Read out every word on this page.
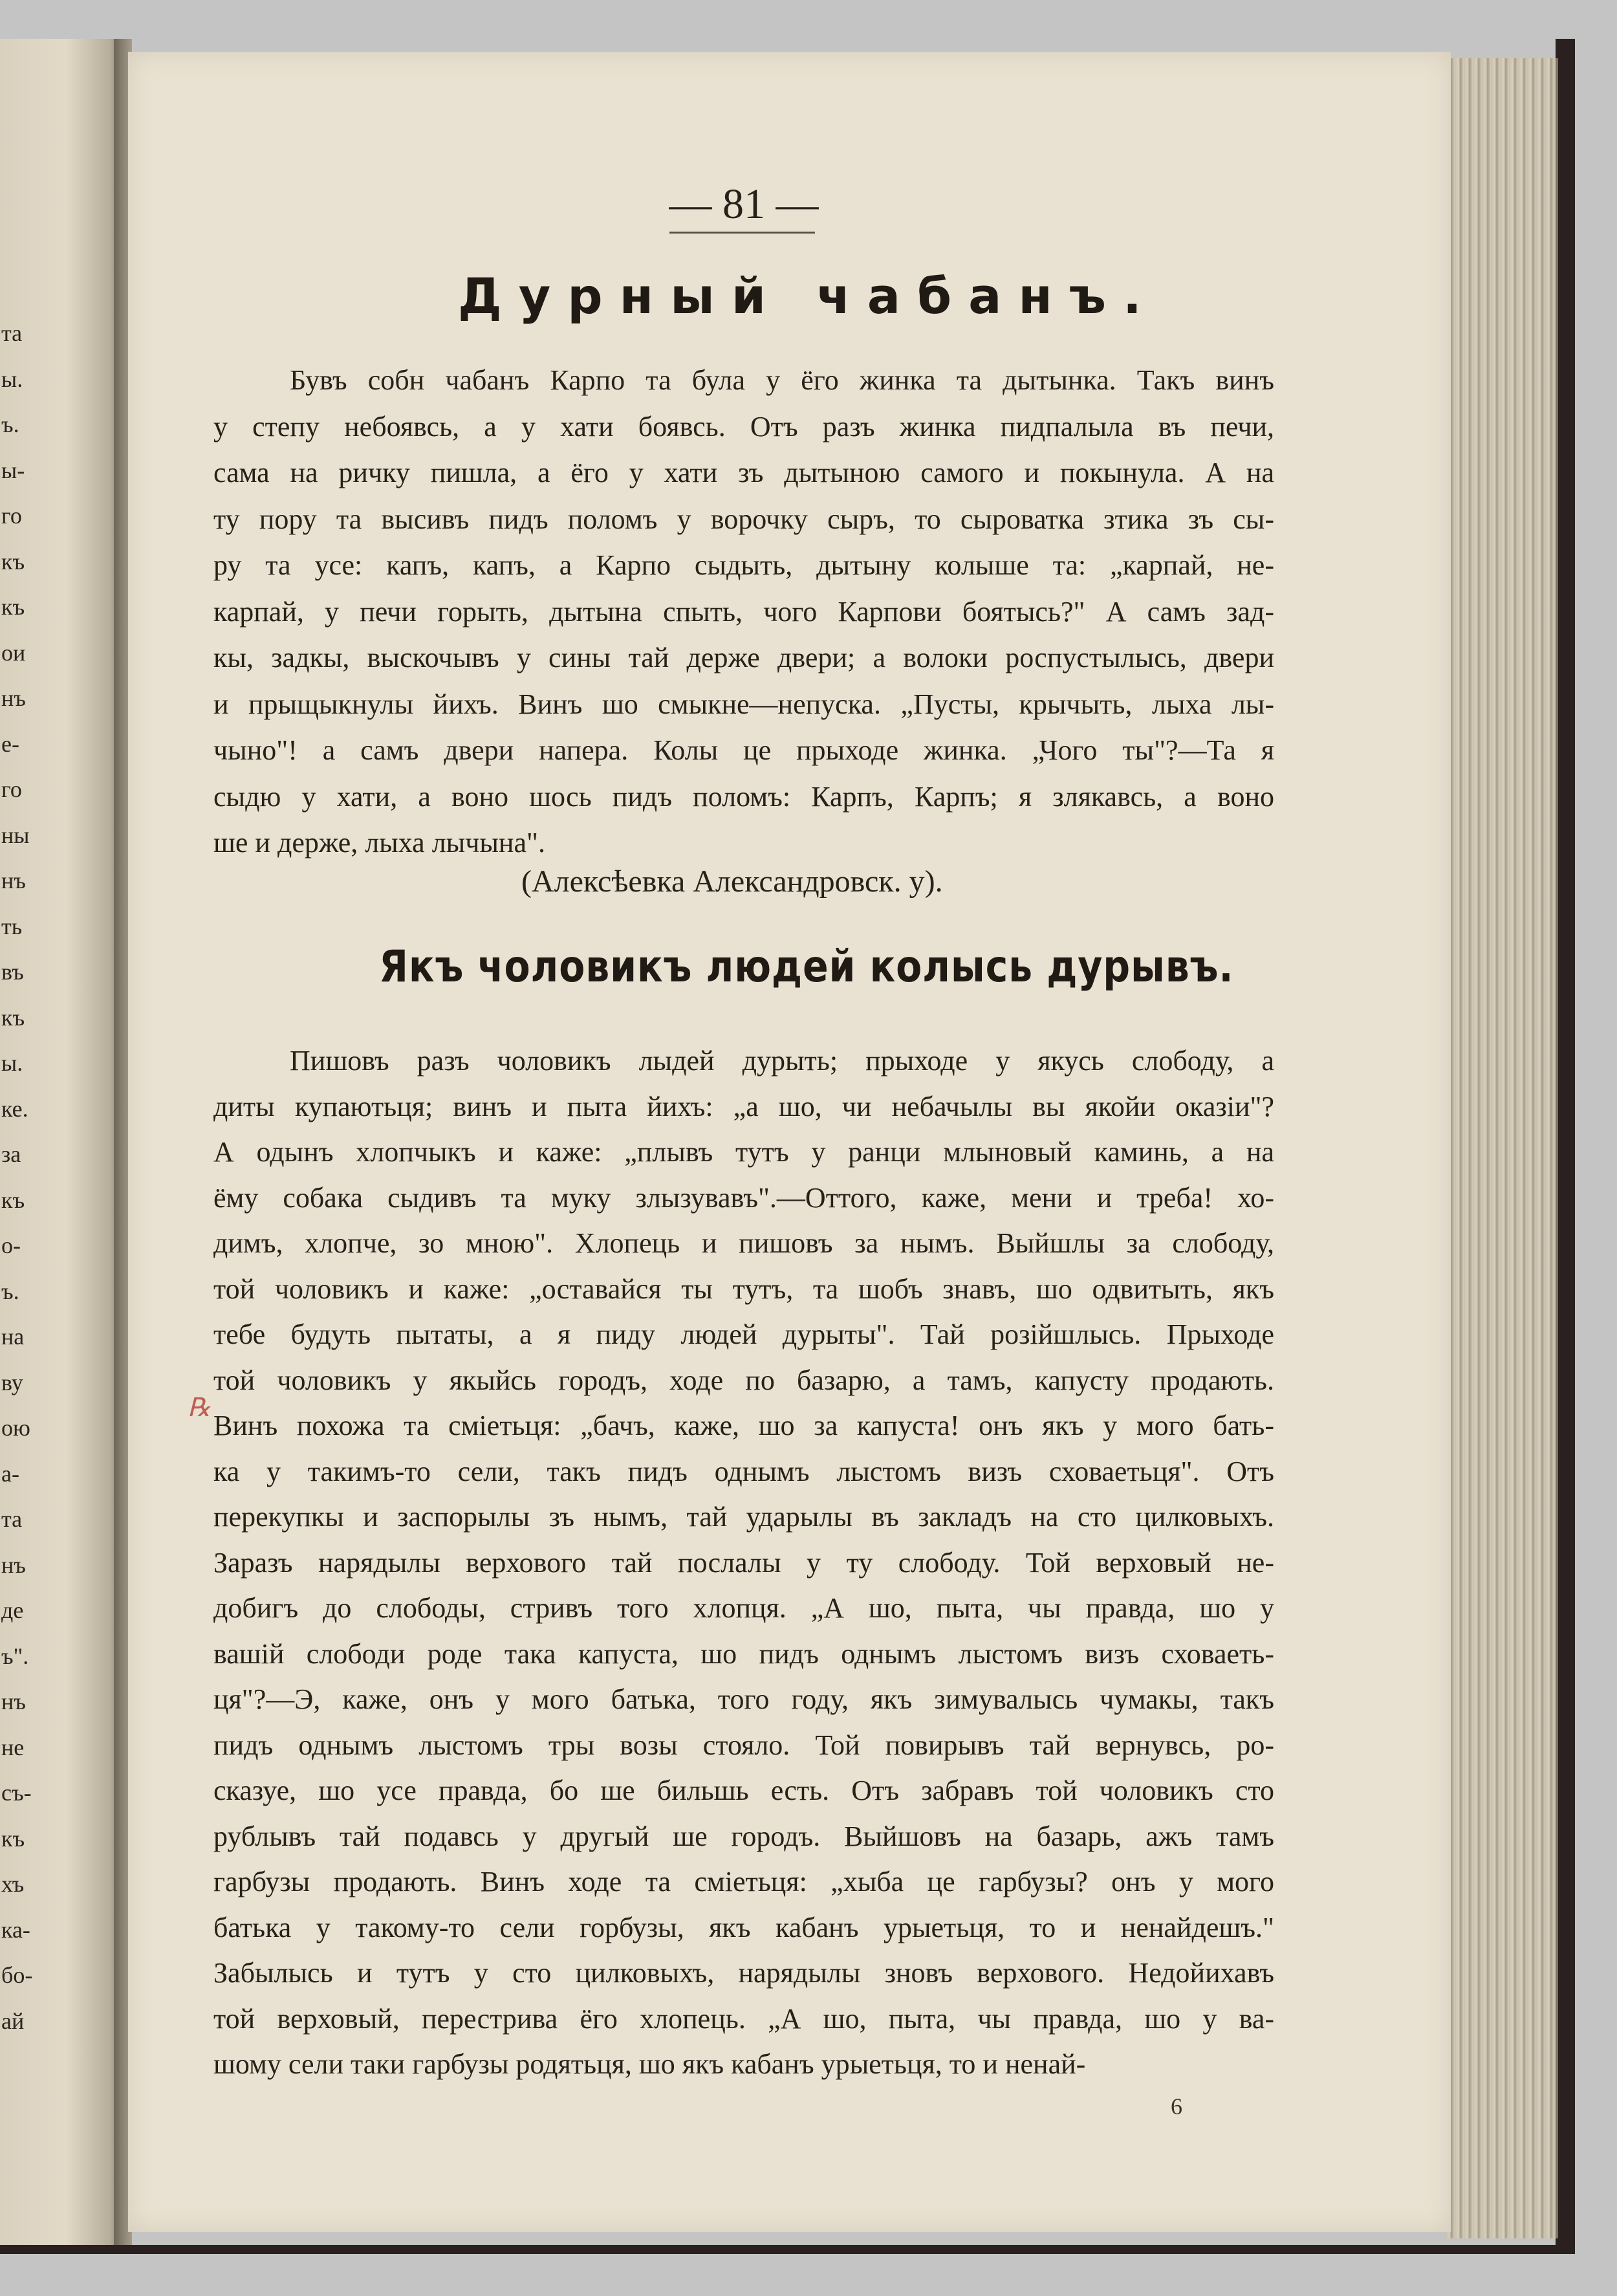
та
ы.
ъ.
ы-
го
къ
къ
ои
нъ
е-
го
ны
нъ
ть
въ
къ
ы.
ке.
за
къ
о-
ъ.
на
ву
ою
а-
та
нъ
де
ъ".
нъ
не
съ-
къ
хъ
ка-
бо-
ай
— 81 —
Дурный чабанъ.
Бувъ собн чабанъ Карпо та була у ёго жинка та дытынка. Такъ винъ
у степу небоявсь, а у хати боявсь. Отъ разъ жинка пидпалыла въ печи,
сама на ричку пишла, а ёго у хати зъ дытыною самого и покынула. А на
ту пору та высивъ пидъ поломъ у ворочку сыръ, то сыроватка зтика зъ сы-
ру та усе: капъ, капъ, а Карпо сыдыть, дытыну колыше та: „карпай, не-
карпай, у печи горыть, дытына спыть, чого Карпови боятысь?" А самъ зад-
кы, задкы, выскочывъ у сины тай держе двери; а волоки роспустылысь, двери
и прыщыкнулы йихъ. Винъ шо смыкне—непуска. „Пусты, крычыть, лыха лы-
чыно"! а самъ двери напера. Колы це прыходе жинка. „Чого ты"?—Та я
сыдю у хати, а воно шось пидъ поломъ: Карпъ, Карпъ; я злякавсь, а воно
ше и держе, лыха лычына".
(Алексѣевка Александровск. у).
Якъ чоловикъ людей колысь дурывъ.
Пишовъ разъ чоловикъ лыдей дурыть; прыходе у якусь слободу, а
диты купаютьця; винъ и пыта йихъ: „а шо, чи небачылы вы якойи оказіи"?
А одынъ хлопчыкъ и каже: „плывъ тутъ у ранци млыновый каминь, а на
ёму собака сыдивъ та муку злызувавъ".—Оттого, каже, мени и треба! хо-
димъ, хлопче, зо мною". Хлопець и пишовъ за нымъ. Выйшлы за слободу,
той чоловикъ и каже: „оставайся ты тутъ, та шобъ знавъ, шо одвитыть, якъ
тебе будуть пытаты, а я пиду людей дурыты". Тай розійшлысь. Прыходе
той чоловикъ у якыйсь городъ, ходе по базарю, а тамъ, капусту продають.
Винъ похожа та сміетьця: „бачъ, каже, шо за капуста! онъ якъ у мого бать-
ка у такимъ-то сели, такъ пидъ однымъ лыстомъ визъ сховаетьця". Отъ
перекупкы и заспорылы зъ нымъ, тай ударылы въ закладъ на сто цилковыхъ.
Заразъ нарядылы верхового тай послалы у ту слободу. Той верховый не-
добигъ до слободы, стривъ того хлопця. „А шо, пыта, чы правда, шо у
вашій слободи роде така капуста, шо пидъ однымъ лыстомъ визъ сховаеть-
ця"?—Э, каже, онъ у мого батька, того году, якъ зимувалысь чумакы, такъ
пидъ однымъ лыстомъ тры возы стояло. Той повирывъ тай вернувсь, ро-
сказуе, шо усе правда, бо ше бильшь есть. Отъ забравъ той чоловикъ сто
рублывъ тай подавсь у другый ше городъ. Выйшовъ на базарь, ажъ тамъ
гарбузы продають. Винъ ходе та сміетьця: „хыба це гарбузы? онъ у мого
батька у такому-то сели горбузы, якъ кабанъ урыетьця, то и ненайдешъ."
Забылысь и тутъ у сто цилковыхъ, нарядылы зновъ верхового. Недойихавъ
той верховый, перестрива ёго хлопець. „А шо, пыта, чы правда, шо у ва-
шому сели таки гарбузы родятьця, шо якъ кабанъ урыетьця, то и ненай-
℞
6
